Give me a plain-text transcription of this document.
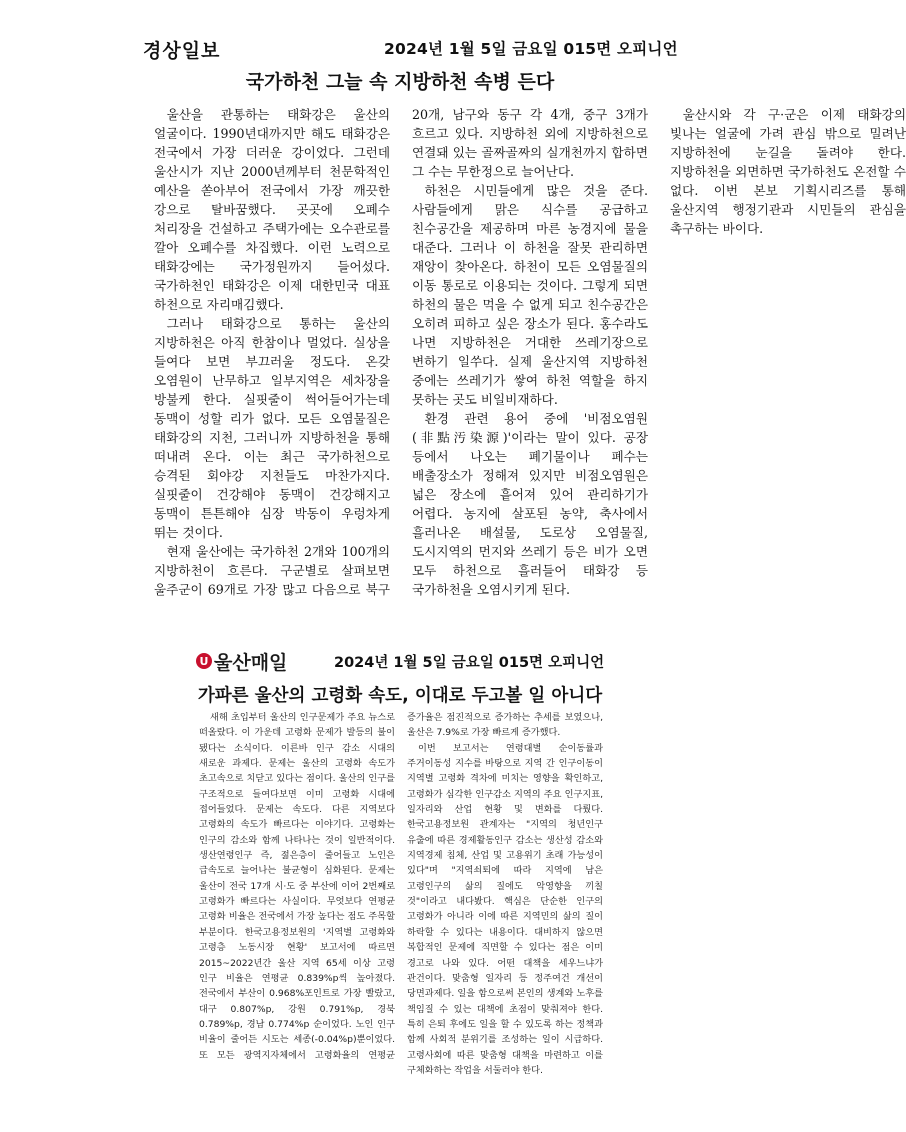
경상일보	2024년 1월 5일 금요일 015면 오피니언
국가하천 그늘 속 지방하천 속병 든다

울산을 관통하는 태화강은 울산의 얼굴이다. 1990년대까지만 해도 태화강은 전국에서 가장 더러운 강이었다. 그런데 울산시가 지난 2000년께부터 천문학적인 예산을 쏟아부어 전국에서 가장 깨끗한 강으로 탈바꿈했다. 곳곳에 오폐수 처리장을 건설하고 주택가에는 오수관로를 깔아 오폐수를 차집했다. 이런 노력으로 태화강에는 국가정원까지 들어섰다. 국가하천인 태화강은 이제 대한민국 대표 하천으로 자리매김했다.

그러나 태화강으로 통하는 울산의 지방하천은 아직 한참이나 멀었다. 실상을 들여다 보면 부끄러울 정도다. 온갖 오염원이 난무하고 일부지역은 세차장을 방불케 한다. 실핏줄이 썩어들어가는데 동맥이 성할 리가 없다. 모든 오염물질은 태화강의 지천, 그러니까 지방하천을 통해 떠내려 온다. 이는 최근 국가하천으로 승격된 회야강 지천들도 마찬가지다. 실핏줄이 건강해야 동맥이 건강해지고 동맥이 튼튼해야 심장 박동이 우렁차게 뛰는 것이다.

현재 울산에는 국가하천 2개와 100개의 지방하천이 흐른다. 구군별로 살펴보면 울주군이 69개로 가장 많고 다음으로 북구 20개, 남구와 동구 각 4개, 중구 3개가 흐르고 있다. 지방하천 외에 지방하천으로 연결돼 있는 골짜골짜의 실개천까지 합하면 그 수는 무한정으로 늘어난다.

하천은 시민들에게 많은 것을 준다. 사람들에게 맑은 식수를 공급하고 친수공간을 제공하며 마른 농경지에 물을 대준다. 그러나 이 하천을 잘못 관리하면 재앙이 찾아온다. 하천이 모든 오염물질의 이동 통로로 이용되는 것이다. 그렇게 되면 하천의 물은 먹을 수 없게 되고 친수공간은 오히려 피하고 싶은 장소가 된다. 홍수라도 나면 지방하천은 거대한 쓰레기장으로 변하기 일쑤다. 실제 울산지역 지방하천 중에는 쓰레기가 쌓여 하천 역할을 하지 못하는 곳도 비일비재하다.

환경 관련 용어 중에 '비점오염원(非點汚染源)'이라는 말이 있다. 공장 등에서 나오는 폐기물이나 폐수는 배출장소가 정해져 있지만 비점오염원은 넓은 장소에 흩어져 있어 관리하기가 어렵다. 농지에 살포된 농약, 축사에서 흘러나온 배설물, 도로상 오염물질, 도시지역의 먼지와 쓰레기 등은 비가 오면 모두 하천으로 흘러들어 태화강 등 국가하천을 오염시키게 된다.

울산시와 각 구·군은 이제 태화강의 빛나는 얼굴에 가려 관심 밖으로 밀려난 지방하천에 눈길을 돌려야 한다. 지방하천을 외면하면 국가하천도 온전할 수 없다. 이번 본보 기획시리즈를 통해 울산지역 행정기관과 시민들의 관심을 촉구하는 바이다.

U 울산매일	2024년 1월 5일 금요일 015면 오피니언
가파른 울산의 고령화 속도, 이대로 두고볼 일 아니다

새해 초입부터 울산의 인구문제가 주요 뉴스로 떠올랐다. 이 가운데 고령화 문제가 발등의 불이 됐다는 소식이다. 이른바 인구 감소 시대의 새로운 과제다. 문제는 울산의 고령화 속도가 초고속으로 치닫고 있다는 점이다. 울산의 인구를 구조적으로 들여다보면 이미 고령화 시대에 접어들었다. 문제는 속도다. 다른 지역보다 고령화의 속도가 빠르다는 이야기다. 고령화는 인구의 감소와 함께 나타나는 것이 일반적이다. 생산연령인구 즉, 젊은층이 줄어들고 노인은 급속도로 늘어나는 불균형이 심화된다. 문제는 울산이 전국 17개 시·도 중 부산에 이어 2번째로 고령화가 빠르다는 사실이다. 무엇보다 연평균 고령화 비율은 전국에서 가장 높다는 점도 주목할 부분이다. 한국고용정보원의 '지역별 고령화와 고령층 노동시장 현황' 보고서에 따르면 2015~2022년간 울산 지역 65세 이상 고령 인구 비율은 연평균 0.839%p씩 높아졌다. 전국에서 부산이 0.968%포인트로 가장 빨랐고, 대구 0.807%p, 강원 0.791%p, 경북 0.789%p, 경남 0.774%p 순이었다. 노인 인구 비율이 줄어든 시도는 세종(-0.04%p)뿐이었다. 또 모든 광역지자체에서 고령화율의 연평균 증가율은 점진적으로 증가하는 추세를 보였으나, 울산은 7.9%로 가장 빠르게 증가했다.

이번 보고서는 연령대별 순이동률과 주거이동성 지수를 바탕으로 지역 간 인구이동이 지역별 고령화 격차에 미치는 영향을 확인하고, 고령화가 심각한 인구감소 지역의 주요 인구지표, 일자리와 산업 현황 및 변화를 다뤘다. 한국고용정보원 관계자는 "지역의 청년인구 유출에 따른 경제활동인구 감소는 생산성 감소와 지역경제 침체, 산업 및 고용위기 초래 가능성이 있다"며 "지역쇠퇴에 따라 지역에 남은 고령인구의 삶의 질에도 악영향을 끼칠 것"이라고 내다봤다. 핵심은 단순한 인구의 고령화가 아니라 이에 따른 지역민의 삶의 질이 하락할 수 있다는 내용이다. 대비하지 않으면 복합적인 문제에 직면할 수 있다는 점은 이미 경고로 나와 있다. 어떤 대책을 세우느냐가 관건이다. 맞춤형 일자리 등 정주여건 개선이 당면과제다. 일을 함으로써 본인의 생계와 노후를 책임질 수 있는 대책에 초점이 맞춰져야 한다. 특히 은퇴 후에도 일을 할 수 있도록 하는 정책과 함께 사회적 분위기를 조성하는 일이 시급하다. 고령사회에 따른 맞춤형 대책을 마련하고 이를 구체화하는 작업을 서둘러야 한다.
